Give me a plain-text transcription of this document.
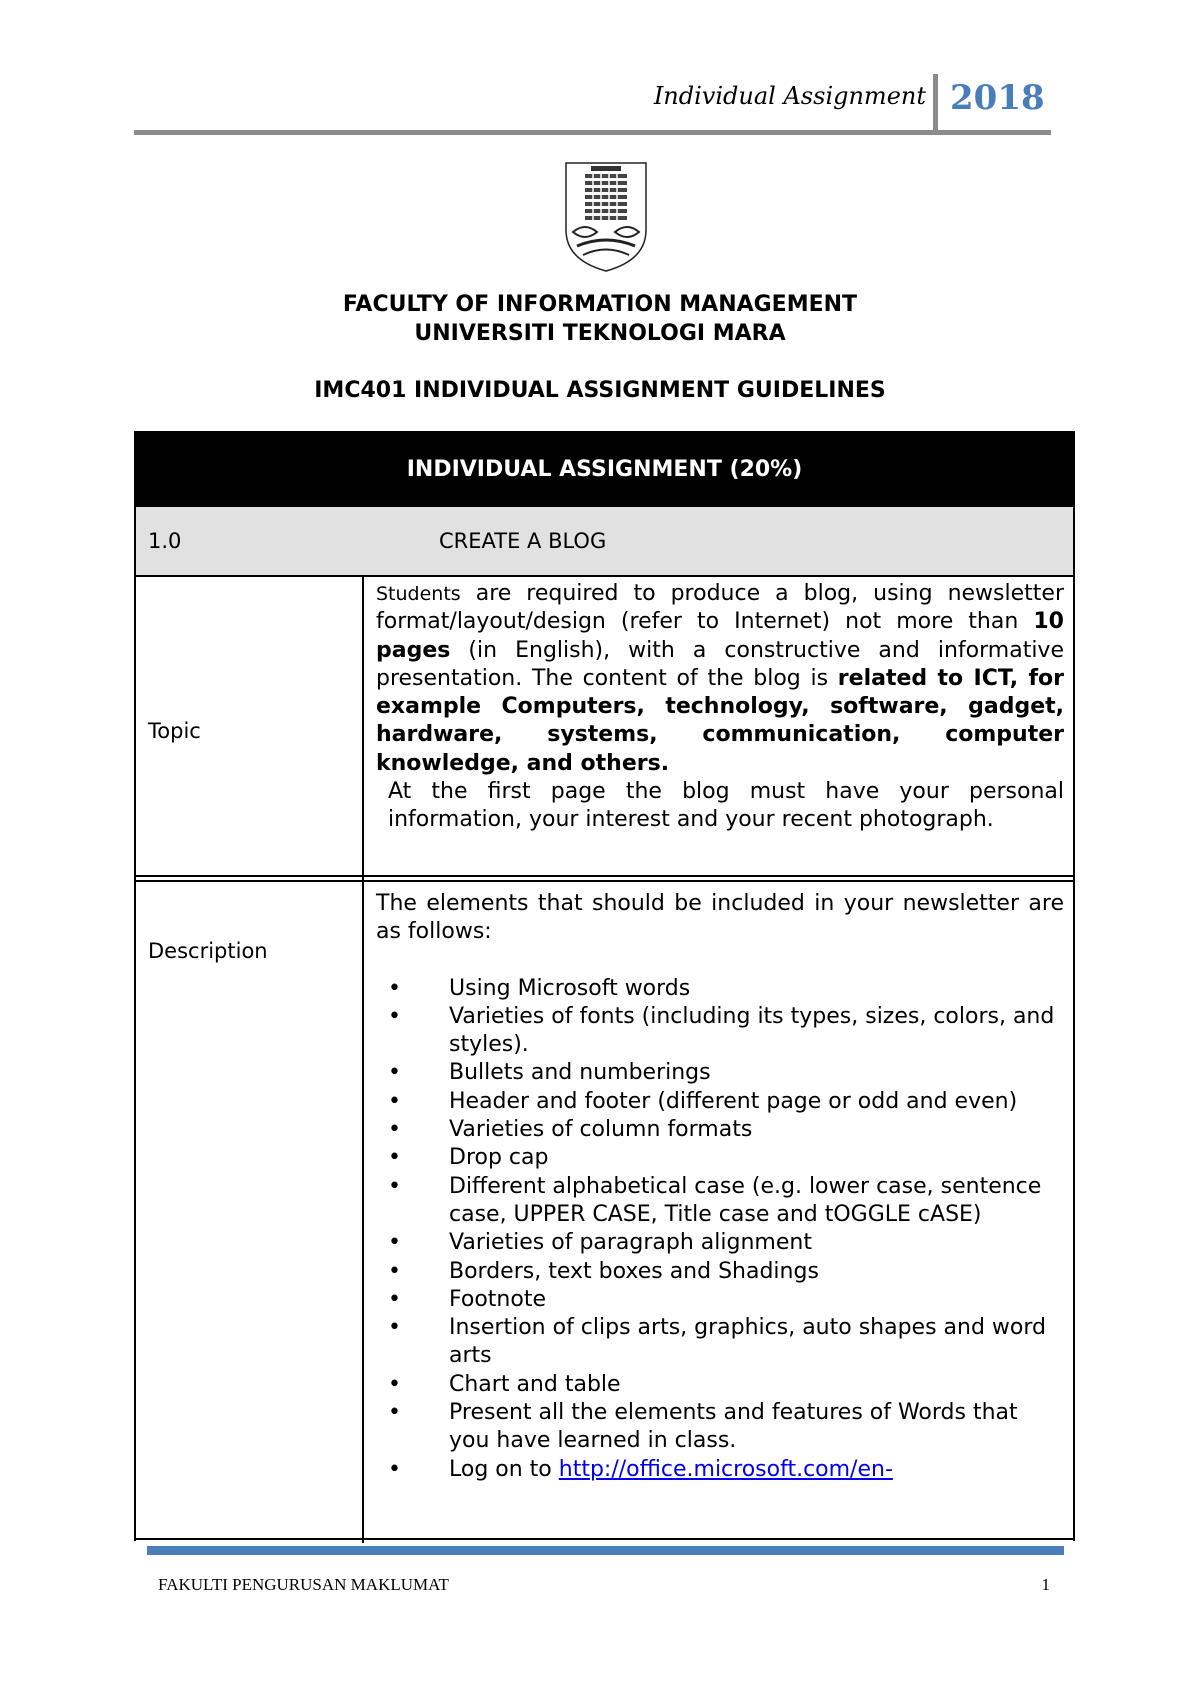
Individual Assignment 2018
FACULTY OF INFORMATION MANAGEMENT
UNIVERSITI TEKNOLOGI MARA
IMC401 INDIVIDUAL ASSIGNMENT GUIDELINES
INDIVIDUAL ASSIGNMENT (20%)
1.0	CREATE A BLOG
Topic

Students are required to produce a blog, using newsletter format/layout/design (refer to Internet) not more than 10 pages (in English), with a constructive and informative presentation. The content of the blog is related to ICT, for example Computers, technology, software, gadget, hardware, systems, communication, computer knowledge, and others.

At the first page the blog must have your personal information, your interest and your recent photograph.

Description

The elements that should be included in your newsletter are as follows:

• Using Microsoft words
• Varieties of fonts (including its types, sizes, colors, and styles).
• Bullets and numberings
• Header and footer (different page or odd and even)
• Varieties of column formats
• Drop cap
• Different alphabetical case (e.g. lower case, sentence case, UPPER CASE, Title case and tOGGLE cASE)
• Varieties of paragraph alignment
• Borders, text boxes and Shadings
• Footnote
• Insertion of clips arts, graphics, auto shapes and word arts
• Chart and table
• Present all the elements and features of Words that you have learned in class.
• Log on to http://office.microsoft.com/en-
FAKULTI PENGURUSAN MAKLUMAT	1
